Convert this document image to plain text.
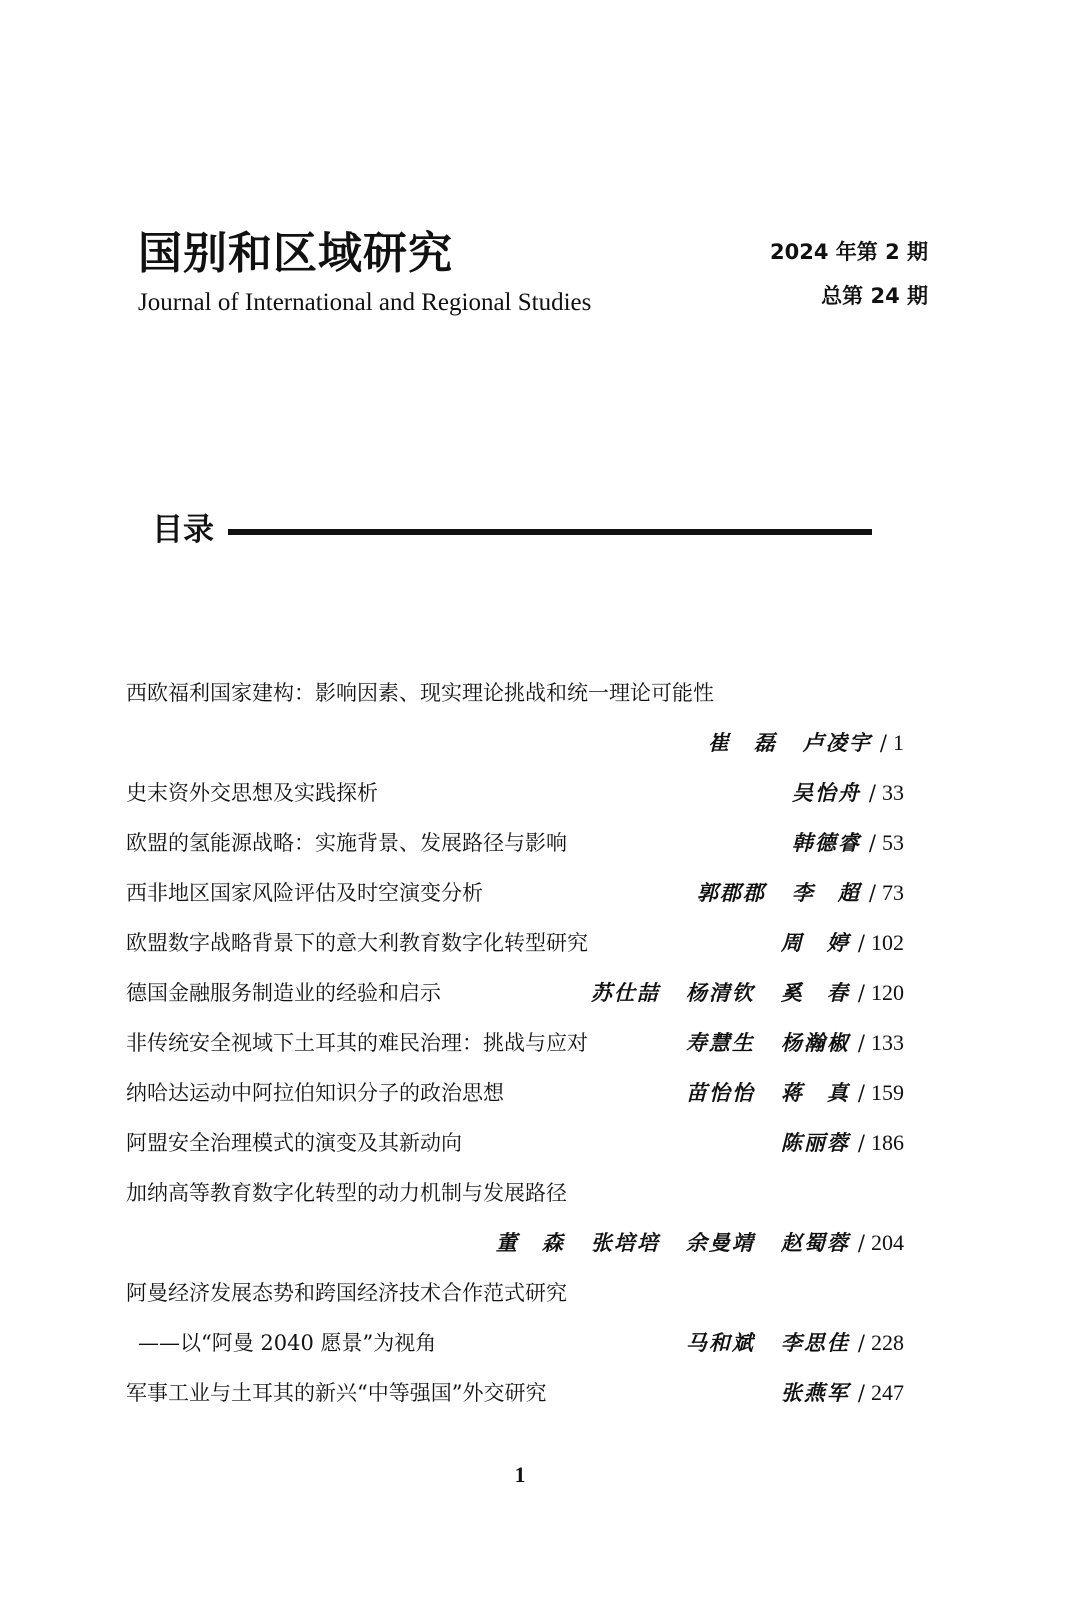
国别和区域研究
Journal of International and Regional Studies
2024 年第 2 期
总第 24 期
目录
西欧福利国家建构：影响因素、现实理论挑战和统一理论可能性
崔　磊 卢凌宇 / 1
史末资外交思想及实践探析	吴怡舟 / 33
欧盟的氢能源战略：实施背景、发展路径与影响	韩德睿 / 53
西非地区国家风险评估及时空演变分析	郭郡郡 李　超 / 73
欧盟数字战略背景下的意大利教育数字化转型研究	周　婷 / 102
德国金融服务制造业的经验和启示	苏仕喆 杨清钦 奚　春 / 120
非传统安全视域下土耳其的难民治理：挑战与应对	寿慧生 杨瀚椒 / 133
纳哈达运动中阿拉伯知识分子的政治思想	苗怡怡 蒋　真 / 159
阿盟安全治理模式的演变及其新动向	陈丽蓉 / 186
加纳高等教育数字化转型的动力机制与发展路径
董　森 张培培 余曼靖 赵蜀蓉 / 204
阿曼经济发展态势和跨国经济技术合作范式研究
——以“阿曼 2040 愿景”为视角	马和斌 李思佳 / 228
军事工业与土耳其的新兴“中等强国”外交研究	张燕军 / 247
1
